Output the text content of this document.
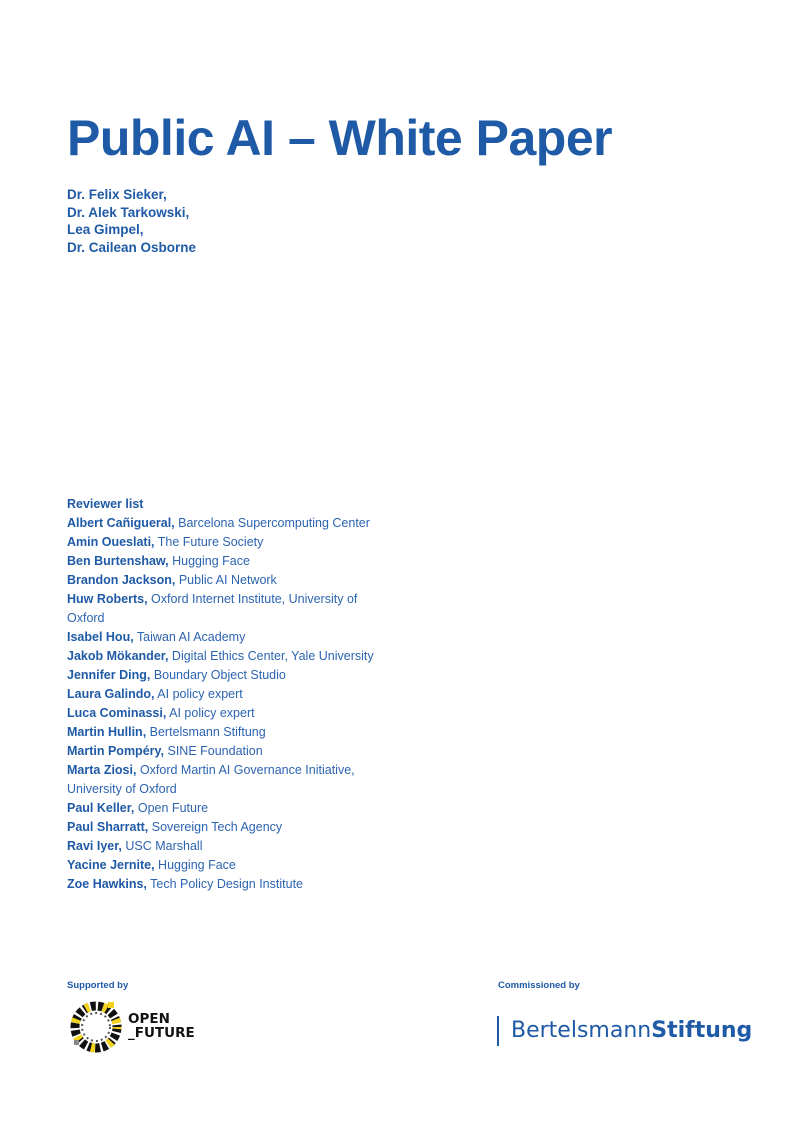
Public AI – White Paper
Dr. Felix Sieker,
Dr. Alek Tarkowski,
Lea Gimpel,
Dr. Cailean Osborne
Reviewer list
Albert Cañigueral, Barcelona Supercomputing Center
Amin Oueslati, The Future Society
Ben Burtenshaw, Hugging Face
Brandon Jackson, Public AI Network
Huw Roberts, Oxford Internet Institute, University of Oxford
Isabel Hou, Taiwan AI Academy
Jakob Mökander, Digital Ethics Center, Yale University
Jennifer Ding, Boundary Object Studio
Laura Galindo, AI policy expert
Luca Cominassi, AI policy expert
Martin Hullin, Bertelsmann Stiftung
Martin Pompéry, SINE Foundation
Marta Ziosi, Oxford Martin AI Governance Initiative, University of Oxford
Paul Keller, Open Future
Paul Sharratt, Sovereign Tech Agency
Ravi Iyer, USC Marshall
Yacine Jernite, Hugging Face
Zoe Hawkins, Tech Policy Design Institute
Supported by
OPEN
_FUTURE
Commissioned by
BertelsmannStiftung
